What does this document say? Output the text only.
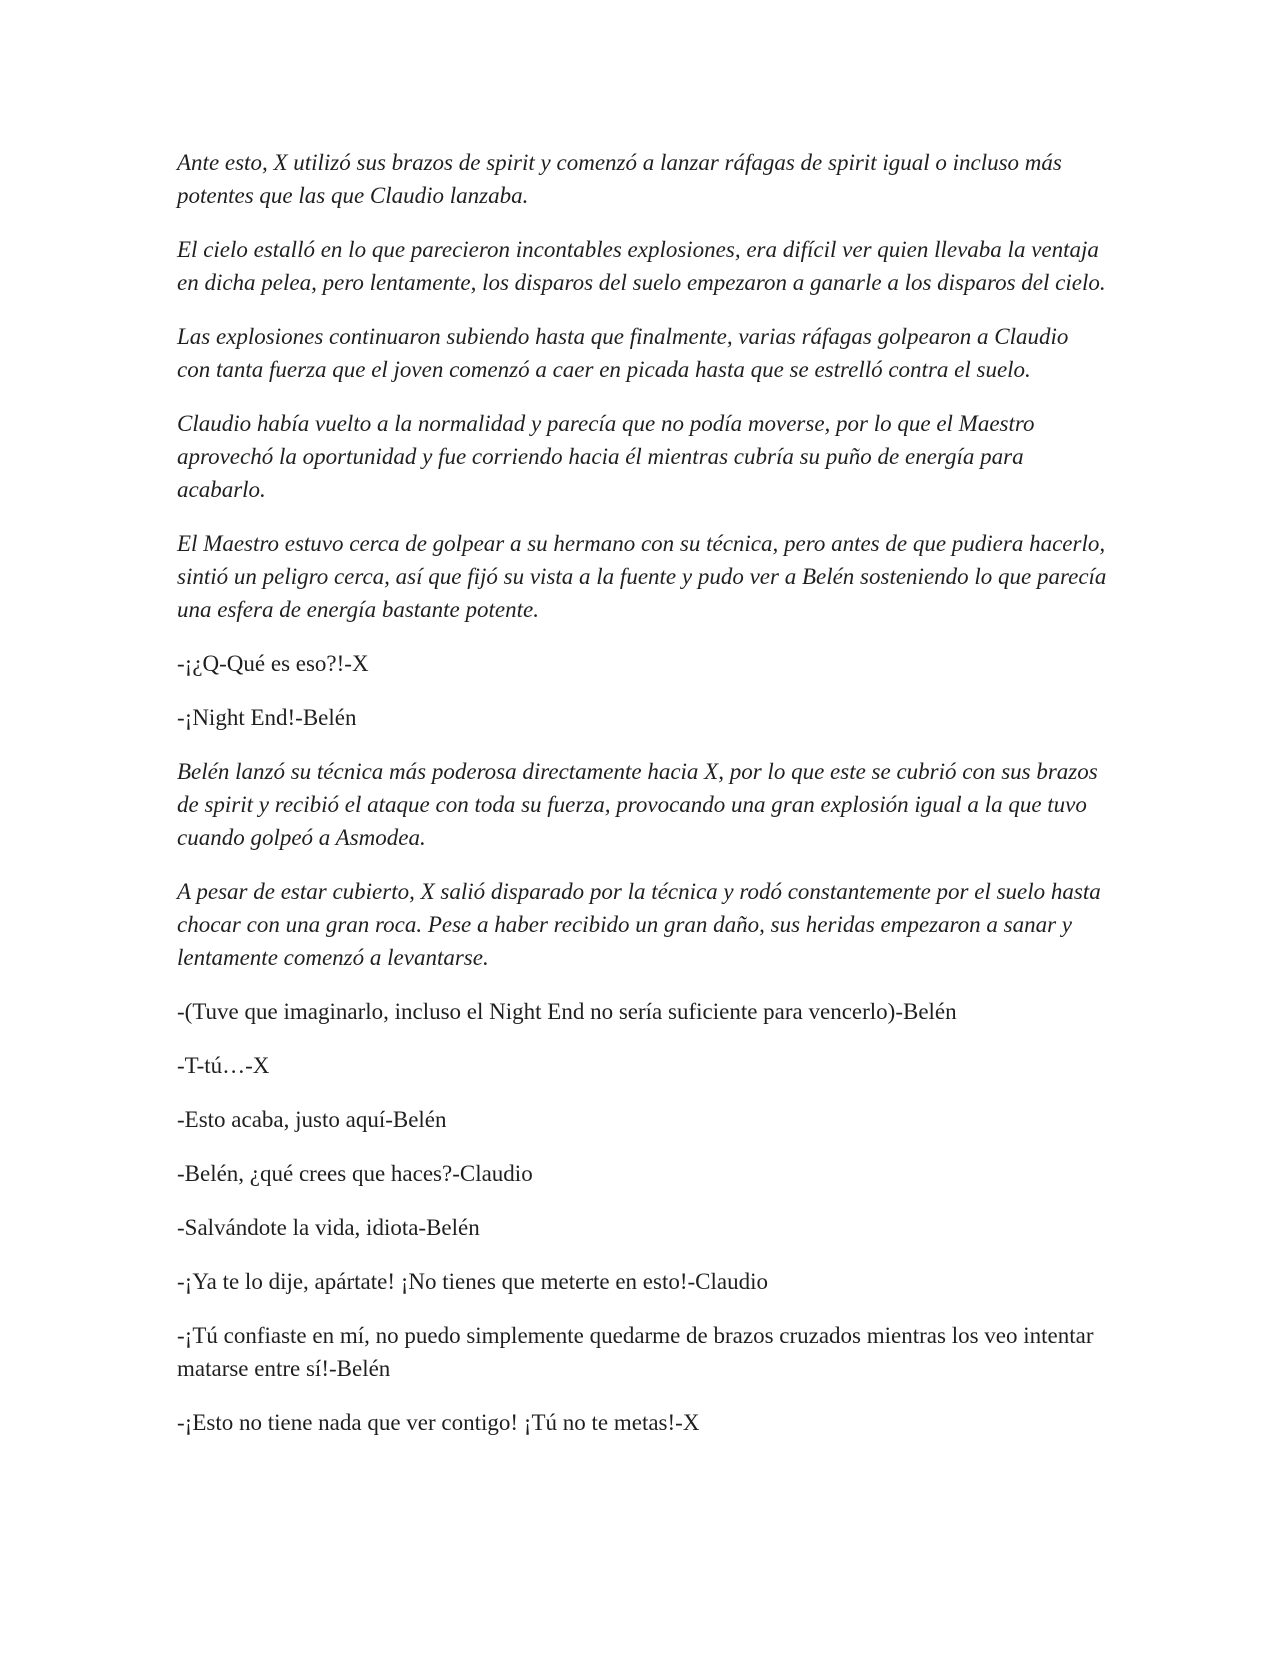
Ante esto, X utilizó sus brazos de spirit y comenzó a lanzar ráfagas de spirit igual o incluso más potentes que las que Claudio lanzaba.

El cielo estalló en lo que parecieron incontables explosiones, era difícil ver quien llevaba la ventaja en dicha pelea, pero lentamente, los disparos del suelo empezaron a ganarle a los disparos del cielo.

Las explosiones continuaron subiendo hasta que finalmente, varias ráfagas golpearon a Claudio con tanta fuerza que el joven comenzó a caer en picada hasta que se estrelló contra el suelo.

Claudio había vuelto a la normalidad y parecía que no podía moverse, por lo que el Maestro aprovechó la oportunidad y fue corriendo hacia él mientras cubría su puño de energía para acabarlo.

El Maestro estuvo cerca de golpear a su hermano con su técnica, pero antes de que pudiera hacerlo, sintió un peligro cerca, así que fijó su vista a la fuente y pudo ver a Belén sosteniendo lo que parecía una esfera de energía bastante potente.

-¡¿Q-Qué es eso?!-X

-¡Night End!-Belén

Belén lanzó su técnica más poderosa directamente hacia X, por lo que este se cubrió con sus brazos de spirit y recibió el ataque con toda su fuerza, provocando una gran explosión igual a la que tuvo cuando golpeó a Asmodea.

A pesar de estar cubierto, X salió disparado por la técnica y rodó constantemente por el suelo hasta chocar con una gran roca. Pese a haber recibido un gran daño, sus heridas empezaron a sanar y lentamente comenzó a levantarse.

-(Tuve que imaginarlo, incluso el Night End no sería suficiente para vencerlo)-Belén

-T-tú…-X

-Esto acaba, justo aquí-Belén

-Belén, ¿qué crees que haces?-Claudio

-Salvándote la vida, idiota-Belén

-¡Ya te lo dije, apártate! ¡No tienes que meterte en esto!-Claudio

-¡Tú confiaste en mí, no puedo simplemente quedarme de brazos cruzados mientras los veo intentar matarse entre sí!-Belén

-¡Esto no tiene nada que ver contigo! ¡Tú no te metas!-X
